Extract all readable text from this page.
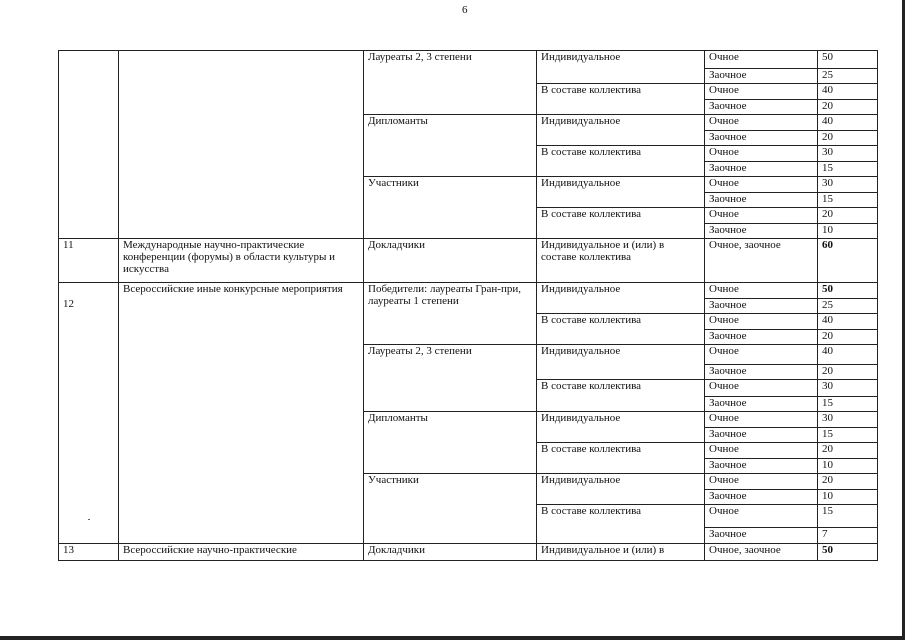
6
		Лауреаты 2, 3 степени	Индивидуальное	Очное	50
				Заочное	25
			В составе коллектива	Очное	40
				Заочное	20
		Дипломанты	Индивидуальное	Очное	40
				Заочное	20
			В составе коллектива	Очное	30
				Заочное	15
		Участники	Индивидуальное	Очное	30
				Заочное	15
			В составе коллектива	Очное	20
				Заочное	10
11	Международные научно-практические конференции (форумы) в области культуры и искусства	Докладчики	Индивидуальное и (или) в составе коллектива	Очное, заочное	60
12	Всероссийские иные конкурсные мероприятия	Победители: лауреаты Гран-при, лауреаты 1 степени	Индивидуальное	Очное	50
				Заочное	25
			В составе коллектива	Очное	40
				Заочное	20
		Лауреаты 2, 3 степени	Индивидуальное	Очное	40
				Заочное	20
			В составе коллектива	Очное	30
				Заочное	15
		Дипломанты	Индивидуальное	Очное	30
				Заочное	15
			В составе коллектива	Очное	20
				Заочное	10
		Участники	Индивидуальное	Очное	20
				Заочное	10
			В составе коллектива	Очное	15
				Заочное	7
13	Всероссийские научно-практические	Докладчики	Индивидуальное и (или) в	Очное, заочное	50
